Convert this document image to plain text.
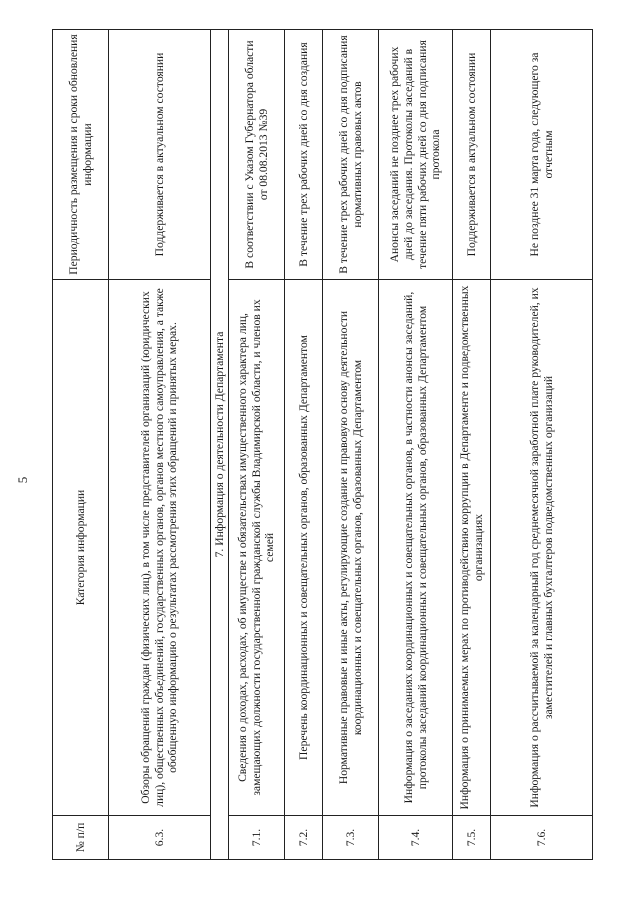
5
№ п/п	Категория информации	Периодичность размещения и сроки обновления информации
6.3.	Обзоры обращений граждан (физических лиц), в том числе представителей организаций (юридических лиц), общественных объединений, государственных органов, органов местного самоуправления, а также обобщенную информацию о результатах рассмотрения этих обращений и принятых мерах.	Поддерживается в актуальном состоянии
7. Информация о деятельности Департамента		
7.1.	Сведения о доходах, расходах, об имуществе и обязательствах имущественного характера лиц, замещающих должности государственной гражданской службы Владимирской области, и членов их семей	В соответствии с Указом Губернатора области от 08.08.2013 №39
7.2.	Перечень координационных и совещательных органов, образованных Департаментом	В течение трех рабочих дней со дня создания
7.3.	Нормативные правовые и иные акты, регулирующие создание и правовую основу деятельности координационных и совещательных органов, образованных Департаментом	В течение трех рабочих дней со дня подписания нормативных правовых актов
7.4.	Информация о заседаниях координационных и совещательных органов, в частности анонсы заседаний, протоколы заседаний координационных и совещательных органов, образованных Департаментом	Анонсы заседаний не позднее трех рабочих дней до заседания. Протоколы заседаний в течение пяти рабочих дней со дня подписания протокола
7.5.	Информация о принимаемых мерах по противодействию коррупции в Департаменте и подведомственных организациях	Поддерживается в актуальном состоянии
7.6.	Информация о рассчитываемой за календарный год среднемесячной заработной плате руководителей, их заместителей и главных бухгалтеров подведомственных организаций	Не позднее 31 марта года, следующего за отчетным
